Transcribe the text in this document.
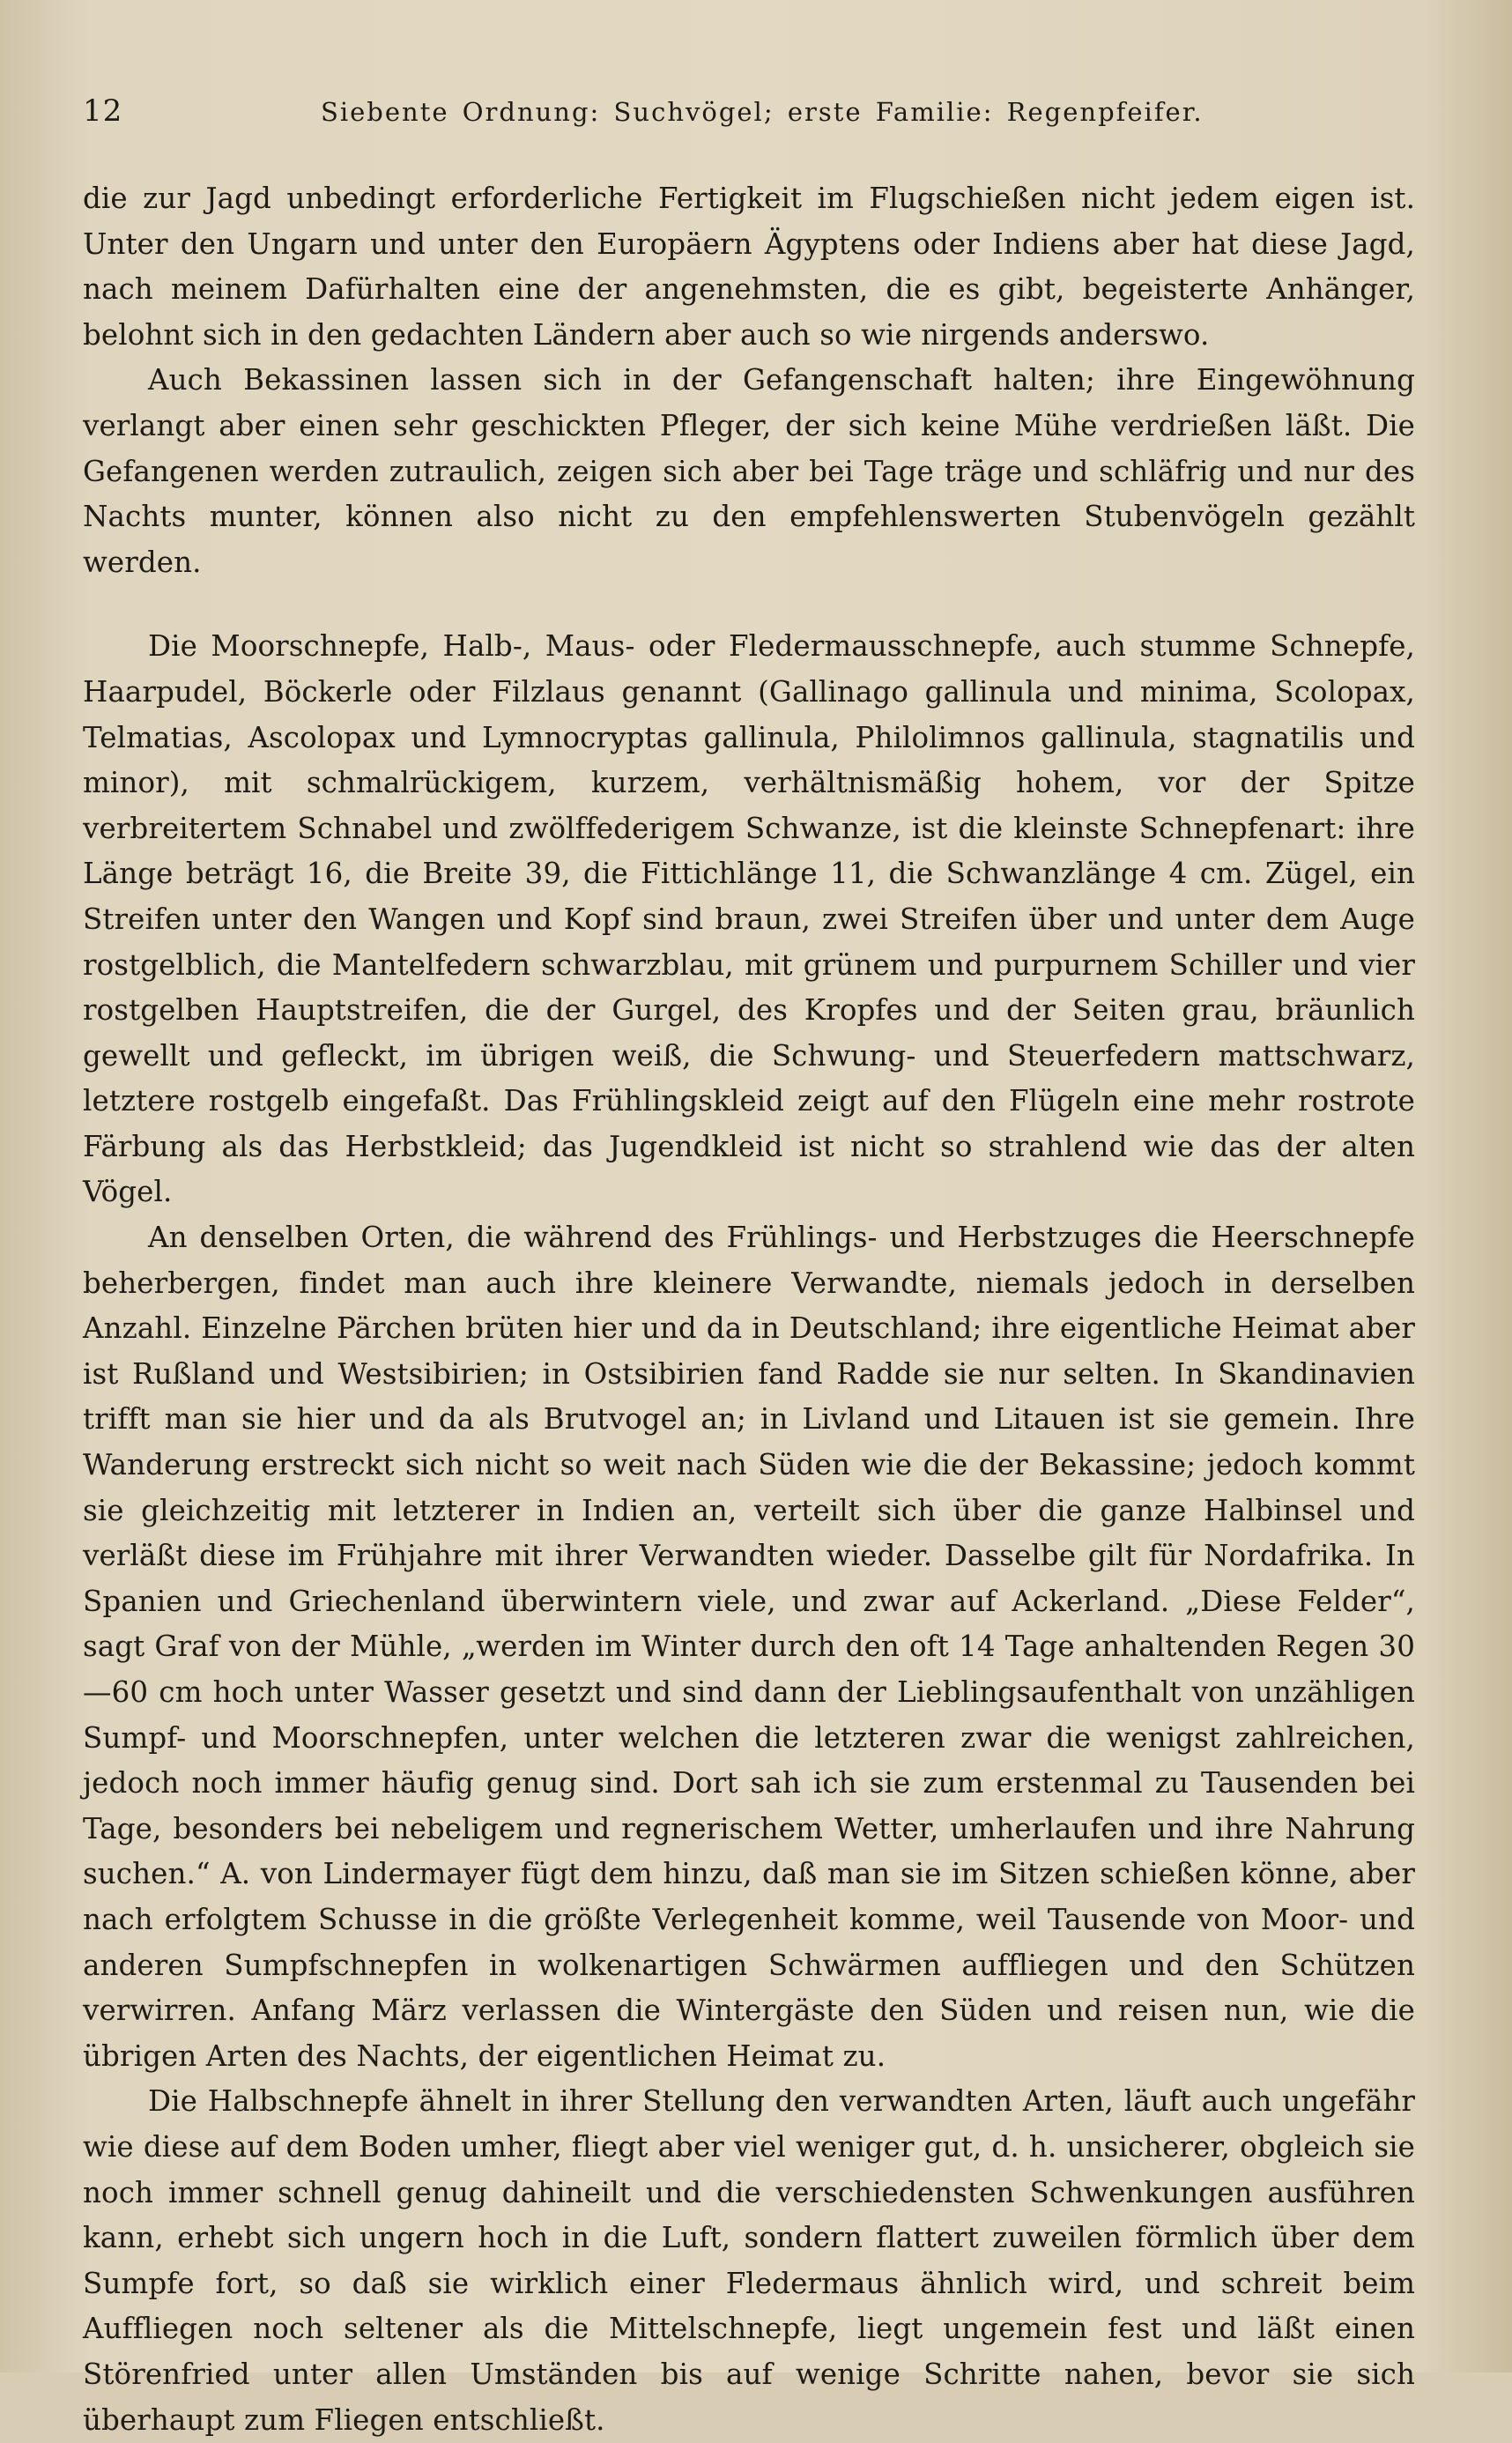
12	Siebente Ordnung: Suchvögel; erste Familie: Regenpfeifer.

die zur Jagd unbedingt erforderliche Fertigkeit im Flugschießen nicht jedem eigen ist. Unter den Ungarn und unter den Europäern Ägyptens oder Indiens aber hat diese Jagd, nach meinem Dafürhalten eine der angenehmsten, die es gibt, begeisterte Anhänger, belohnt sich in den gedachten Ländern aber auch so wie nirgends anderswo.

Auch Bekassinen lassen sich in der Gefangenschaft halten; ihre Eingewöhnung verlangt aber einen sehr geschickten Pfleger, der sich keine Mühe verdrießen läßt. Die Gefangenen werden zutraulich, zeigen sich aber bei Tage träge und schläfrig und nur des Nachts munter, können also nicht zu den empfehlenswerten Stubenvögeln gezählt werden.

Die Moorschnepfe, Halb-, Maus- oder Fledermausschnepfe, auch stumme Schnepfe, Haarpudel, Böckerle oder Filzlaus genannt (Gallinago gallinula und minima, Scolopax, Telmatias, Ascolopax und Lymnocryptas gallinula, Philolimnos gallinula, stagnatilis und minor), mit schmalrückigem, kurzem, verhältnismäßig hohem, vor der Spitze verbreitertem Schnabel und zwölffederigem Schwanze, ist die kleinste Schnepfenart: ihre Länge beträgt 16, die Breite 39, die Fittichlänge 11, die Schwanzlänge 4 cm. Zügel, ein Streifen unter den Wangen und Kopf sind braun, zwei Streifen über und unter dem Auge rostgelblich, die Mantelfedern schwarzblau, mit grünem und purpurnem Schiller und vier rostgelben Hauptstreifen, die der Gurgel, des Kropfes und der Seiten grau, bräunlich gewellt und gefleckt, im übrigen weiß, die Schwung- und Steuerfedern mattschwarz, letztere rostgelb eingefaßt. Das Frühlingskleid zeigt auf den Flügeln eine mehr rostrote Färbung als das Herbstkleid; das Jugendkleid ist nicht so strahlend wie das der alten Vögel.

An denselben Orten, die während des Frühlings- und Herbstzuges die Heerschnepfe beherbergen, findet man auch ihre kleinere Verwandte, niemals jedoch in derselben Anzahl. Einzelne Pärchen brüten hier und da in Deutschland; ihre eigentliche Heimat aber ist Rußland und Westsibirien; in Ostsibirien fand Radde sie nur selten. In Skandinavien trifft man sie hier und da als Brutvogel an; in Livland und Litauen ist sie gemein. Ihre Wanderung erstreckt sich nicht so weit nach Süden wie die der Bekassine; jedoch kommt sie gleichzeitig mit letzterer in Indien an, verteilt sich über die ganze Halbinsel und verläßt diese im Frühjahre mit ihrer Verwandten wieder. Dasselbe gilt für Nordafrika. In Spanien und Griechenland überwintern viele, und zwar auf Ackerland. „Diese Felder“, sagt Graf von der Mühle, „werden im Winter durch den oft 14 Tage anhaltenden Regen 30—60 cm hoch unter Wasser gesetzt und sind dann der Lieblingsaufenthalt von unzähligen Sumpf- und Moorschnepfen, unter welchen die letzteren zwar die wenigst zahlreichen, jedoch noch immer häufig genug sind. Dort sah ich sie zum erstenmal zu Tausenden bei Tage, besonders bei nebeligem und regnerischem Wetter, umherlaufen und ihre Nahrung suchen.“ A. von Lindermayer fügt dem hinzu, daß man sie im Sitzen schießen könne, aber nach erfolgtem Schusse in die größte Verlegenheit komme, weil Tausende von Moor- und anderen Sumpfschnepfen in wolkenartigen Schwärmen auffliegen und den Schützen verwirren. Anfang März verlassen die Wintergäste den Süden und reisen nun, wie die übrigen Arten des Nachts, der eigentlichen Heimat zu.

Die Halbschnepfe ähnelt in ihrer Stellung den verwandten Arten, läuft auch ungefähr wie diese auf dem Boden umher, fliegt aber viel weniger gut, d. h. unsicherer, obgleich sie noch immer schnell genug dahineilt und die verschiedensten Schwenkungen ausführen kann, erhebt sich ungern hoch in die Luft, sondern flattert zuweilen förmlich über dem Sumpfe fort, so daß sie wirklich einer Fledermaus ähnlich wird, und schreit beim Auffliegen noch seltener als die Mittelschnepfe, liegt ungemein fest und läßt einen Störenfried unter allen Umständen bis auf wenige Schritte nahen, bevor sie sich überhaupt zum Fliegen entschließt.
